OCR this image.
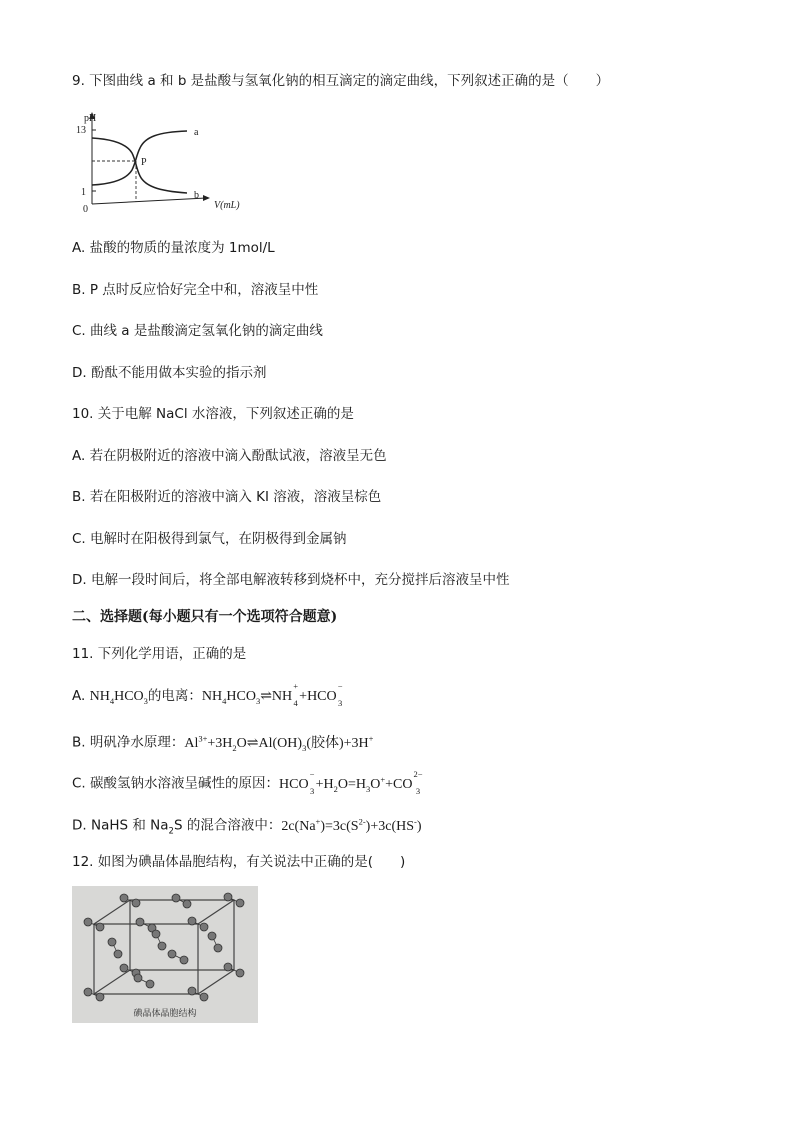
9. 下图曲线 a 和 b 是盐酸与氢氧化钠的相互滴定的滴定曲线，下列叙述正确的是（　　）
pH
13
1
0
P
a
b
V(mL)
A. 盐酸的物质的量浓度为 1mol/L
B. P 点时反应恰好完全中和，溶液呈中性
C. 曲线 a 是盐酸滴定氢氧化钠的滴定曲线
D. 酚酞不能用做本实验的指示剂
10. 关于电解 NaCl 水溶液，下列叙述正确的是
A. 若在阴极附近的溶液中滴入酚酞试液，溶液呈无色
B. 若在阳极附近的溶液中滴入 KI 溶液，溶液呈棕色
C. 电解时在阳极得到氯气，在阴极得到金属钠
D. 电解一段时间后，将全部电解液转移到烧杯中，充分搅拌后溶液呈中性
二、选择题(每小题只有一个选项符合题意)
11. 下列化学用语，正确的是
A. $NH_4HCO_3$的电离：$NH_4HCO_3\rightleftharpoons NH$
+
4 +HCO
−
3
B. 明矾净水原理：$Al^{3+}+3H_2O\rightleftharpoons Al(OH)_3$(胶体)+3H+
C. 碳酸氢钠水溶液呈碱性的原因：HCO
−
$3 +H_2O=H_3O^++CO$
2−
3
D. NaHS 和 $Na_2S$ 的混合溶液中：$2c(Na^+)=3c(S^{2-})+3c(HS^-)$
12. 如图为碘晶体晶胞结构，有关说法中正确的是(　　)
碘晶体晶胞结构
